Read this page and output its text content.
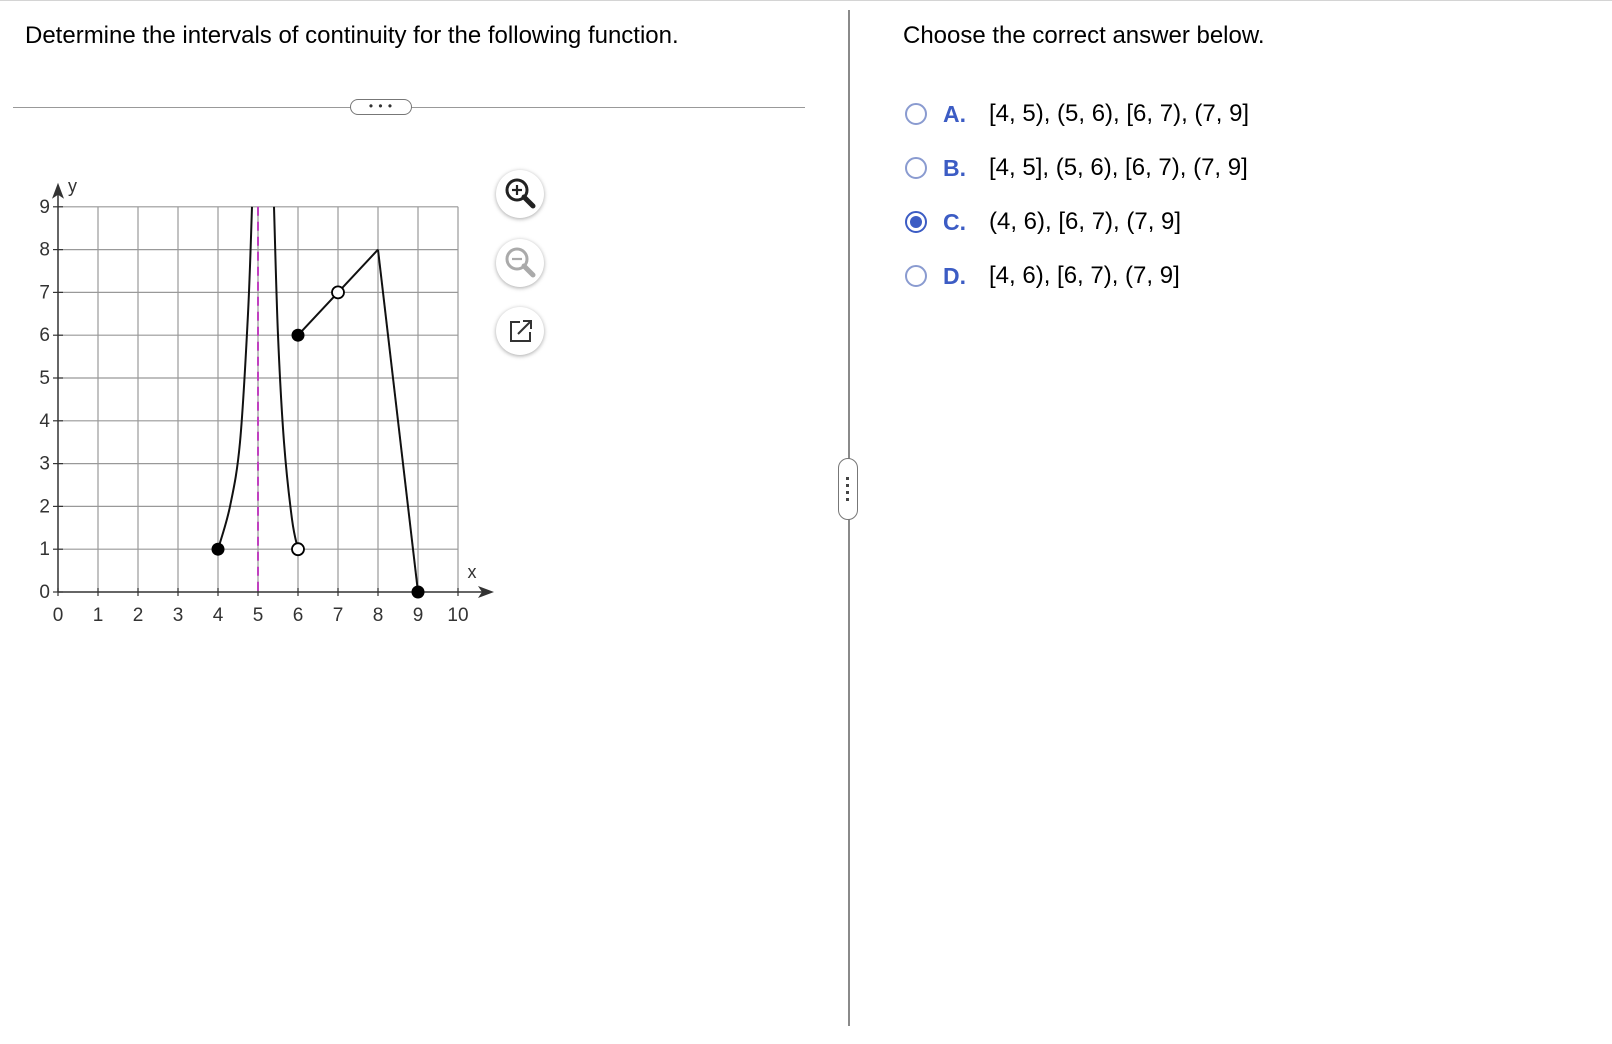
Determine the intervals of continuity for the following function.
• • •
0 1 2 3 4 5 6 7 8 9 10
0
1
2
3
4
5
6
7
8
9
x
y
Choose the correct answer below.
A. [4, 5), (5, 6), [6, 7), (7, 9]
B. [4, 5], (5, 6), [6, 7), (7, 9]
C. (4, 6), [6, 7), (7, 9]
D. [4, 6), [6, 7), (7, 9]
